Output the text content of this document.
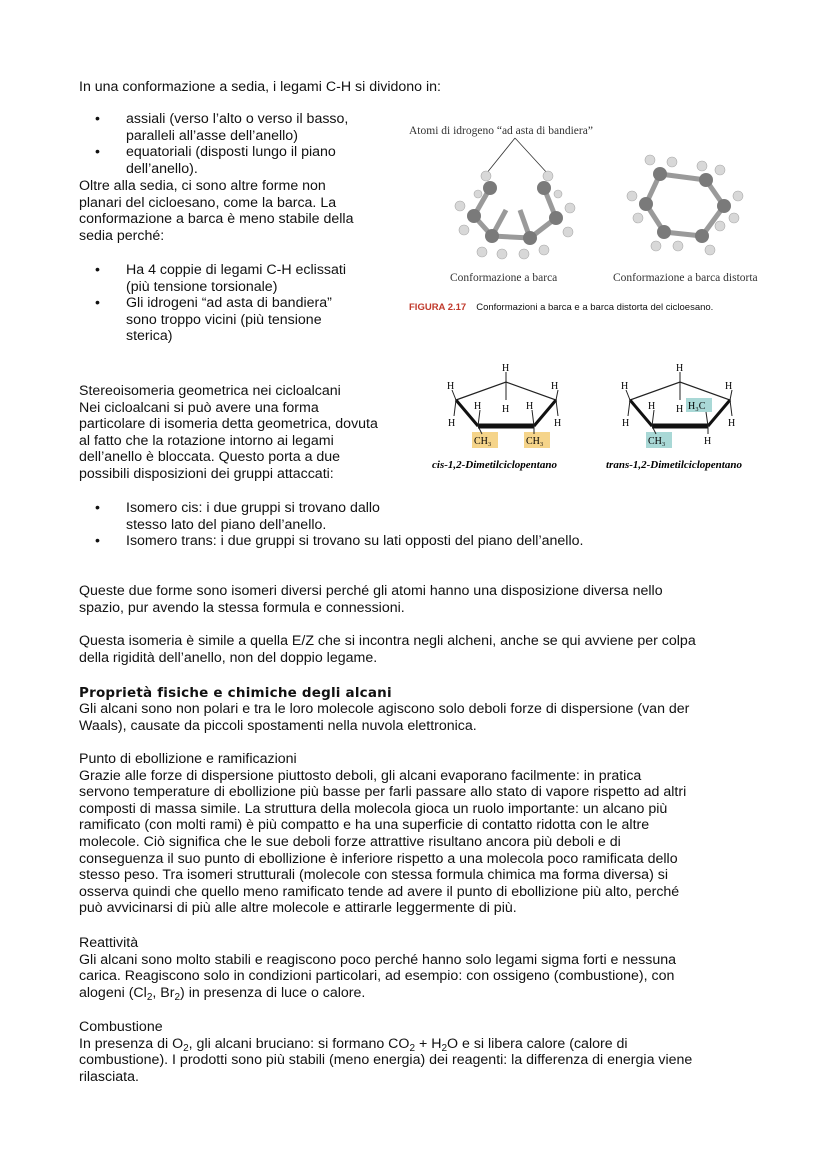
In una conformazione a sedia, i legami C-H si dividono in:

• assiali (verso l’alto o verso il basso,
paralleli all’asse dell’anello)
• equatoriali (disposti lungo il piano
dell’anello).

Oltre alla sedia, ci sono altre forme non

planari del cicloesano, come la barca. La

conformazione a barca è meno stabile della

sedia perché:

• Ha 4 coppie di legami C-H eclissati
(più tensione torsionale)
• Gli idrogeni “ad asta di bandiera”
sono troppo vicini (più tensione
sterica)
Atomi di idrogeno “ad asta di bandiera”
Conformazione a barca	Conformazione a barca distorta
FIGURA 2.17 Conformazioni a barca e a barca distorta del cicloesano.

Stereoisomeria geometrica nei cicloalcani

Nei cicloalcani si può avere una forma

particolare di isomeria detta geometrica, dovuta

al fatto che la rotazione intorno ai legami

dell’anello è bloccata. Questo porta a due

possibili disposizioni dei gruppi attaccati:

H
H	H
H H H
H	H
CH₃	CH₃
H
H	H
H H H₃C
H	H
CH₃	H
cis-1,2-Dimetilciclopentano	trans-1,2-Dimetilciclopentano
• Isomero cis: i due gruppi si trovano dallo
stesso lato del piano dell’anello.
• Isomero trans: i due gruppi si trovano su lati opposti del piano dell’anello.

Queste due forme sono isomeri diversi perché gli atomi hanno una disposizione diversa nello

spazio, pur avendo la stessa formula e connessioni.

Questa isomeria è simile a quella E/Z che si incontra negli alcheni, anche se qui avviene per colpa

della rigidità dell’anello, non del doppio legame.

Proprietà fisiche e chimiche degli alcani

Gli alcani sono non polari e tra le loro molecole agiscono solo deboli forze di dispersione (van der

Waals), causate da piccoli spostamenti nella nuvola elettronica.

Punto di ebollizione e ramificazioni

Grazie alle forze di dispersione piuttosto deboli, gli alcani evaporano facilmente: in pratica

servono temperature di ebollizione più basse per farli passare allo stato di vapore rispetto ad altri

composti di massa simile. La struttura della molecola gioca un ruolo importante: un alcano più

ramificato (con molti rami) è più compatto e ha una superficie di contatto ridotta con le altre

molecole. Ciò significa che le sue deboli forze attrattive risultano ancora più deboli e di

conseguenza il suo punto di ebollizione è inferiore rispetto a una molecola poco ramificata dello

stesso peso. Tra isomeri strutturali (molecole con stessa formula chimica ma forma diversa) si

osserva quindi che quello meno ramificato tende ad avere il punto di ebollizione più alto, perché

può avvicinarsi di più alle altre molecole e attirarle leggermente di più.

Reattività

Gli alcani sono molto stabili e reagiscono poco perché hanno solo legami sigma forti e nessuna

carica. Reagiscono solo in condizioni particolari, ad esempio: con ossigeno (combustione), con

alogeni ($Cl_2$, $Br_2$) in presenza di luce o calore.

Combustione

In presenza di $O_2$, gli alcani bruciano: si formano $CO_2 + H_2O$ e si libera calore (calore di

combustione). I prodotti sono più stabili (meno energia) dei reagenti: la differenza di energia viene

rilasciata.
